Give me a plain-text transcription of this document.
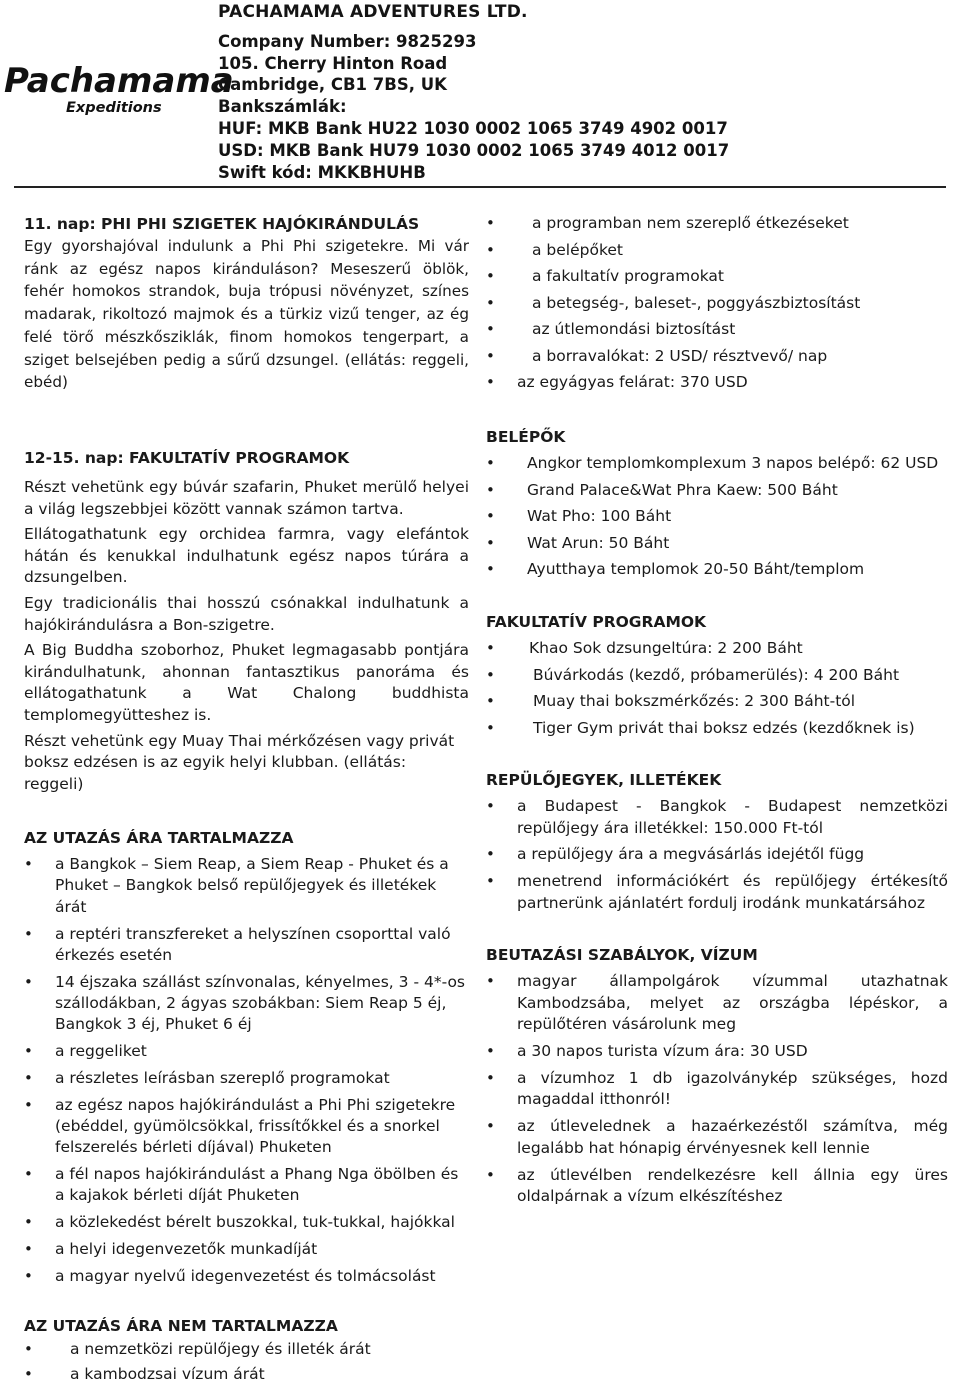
Pachamama
Expeditions
PACHAMAMA ADVENTURES LTD.
Company Number: 9825293
105. Cherry Hinton Road
Cambridge, CB1 7BS, UK
Bankszámlák:
HUF: MKB Bank HU22 1030 0002 1065 3749 4902 0017
USD: MKB Bank HU79 1030 0002 1065 3749 4012 0017
Swift kód: MKKBHUHB

11. nap: PHI PHI SZIGETEK HAJÓKIRÁNDULÁS

Egy gyorshajóval indulunk a Phi Phi szigetekre. Mi vár ránk az egész napos kiránduláson? Meseszerű öblök, fehér homokos strandok, buja trópusi növényzet, színes madarak, rikoltozó majmok és a türkiz vizű tenger, az ég felé törő mészkősziklák, finom homokos tengerpart, a sziget belsejében pedig a sűrű dzsungel. (ellátás: reggeli, ebéd)

12-15. nap: FAKULTATÍV PROGRAMOK

Részt vehetünk egy búvár szafarin, Phuket merülő helyei a világ legszebbjei között vannak számon tartva.

Ellátogathatunk egy orchidea farmra, vagy elefántok hátán és kenukkal indulhatunk egész napos túrára a dzsungelben.

Egy tradicionális thai hosszú csónakkal indulhatunk a hajókirándulásra a Bon-szigetre.

A Big Buddha szoborhoz, Phuket legmagasabb pontjára kirándulhatunk, ahonnan fantasztikus panoráma és ellátogathatunk a Wat Chalong buddhista templomegyütteshez is.

Részt vehetünk egy Muay Thai mérkőzésen vagy privát boksz edzésen is az egyik helyi klubban. (ellátás: reggeli)

AZ UTAZÁS ÁRA TARTALMAZZA

• a Bangkok – Siem Reap, a Siem Reap - Phuket és a Phuket – Bangkok belső repülőjegyek és illetékek árát
• a reptéri transzfereket a helyszínen csoporttal való érkezés esetén
• 14 éjszaka szállást színvonalas, kényelmes, 3 - 4*-os szállodákban, 2 ágyas szobákban: Siem Reap 5 éj, Bangkok 3 éj, Phuket 6 éj
• a reggeliket
• a részletes leírásban szereplő programokat
• az egész napos hajókirándulást a Phi Phi szigetekre (ebéddel, gyümölcsökkal, frissítőkkel és a snorkel felszerelés bérleti díjával) Phuketen
• a fél napos hajókirándulást a Phang Nga öbölben és a kajakok bérleti díját Phuketen
• a közlekedést bérelt buszokkal, tuk-tukkal, hajókkal
• a helyi idegenvezetők munkadíját
• a magyar nyelvű idegenvezetést és tolmácsolást

AZ UTAZÁS ÁRA NEM TARTALMAZZA

• a nemzetközi repülőjegy és illeték árát
• a kambodzsai vízum árát
• a programban nem szereplő étkezéseket
• a belépőket
• a fakultatív programokat
• a betegség-, baleset-, poggyászbiztosítást
• az útlemondási biztosítást
• a borravalókat: 2 USD/ résztvevő/ nap
• az egyágyas felárat: 370 USD

BELÉPŐK

• Angkor templomkomplexum 3 napos belépő: 62 USD
• Grand Palace&Wat Phra Kaew: 500 Báht
• Wat Pho: 100 Báht
• Wat Arun: 50 Báht
• Ayutthaya templomok 20-50 Báht/templom

FAKULTATÍV PROGRAMOK

• Khao Sok dzsungeltúra: 2 200 Báht
• Búvárkodás (kezdő, próbamerülés): 4 200 Báht
• Muay thai bokszmérkőzés: 2 300 Báht-tól
• Tiger Gym privát thai boksz edzés (kezdőknek is)

REPÜLŐJEGYEK, ILLETÉKEK

• a Budapest - Bangkok - Budapest nemzetközi repülőjegy ára illetékkel: 150.000 Ft-tól
• a repülőjegy ára a megvásárlás idejétől függ
• menetrend információkért és repülőjegy értékesítő partnerünk ajánlatért fordulj irodánk munkatársához

BEUTAZÁSI SZABÁLYOK, VÍZUM

• magyar állampolgárok vízummal utazhatnak Kambodzsába, melyet az országba lépéskor, a repülőtéren vásárolunk meg
• a 30 napos turista vízum ára: 30 USD
• a vízumhoz 1 db igazolványkép szükséges, hozd magaddal itthonról!
• az útlevelednek a hazaérkezéstől számítva, még legalább hat hónapig érvényesnek kell lennie
• az útlevélben rendelkezésre kell állnia egy üres oldalpárnak a vízum elkészítéshez
